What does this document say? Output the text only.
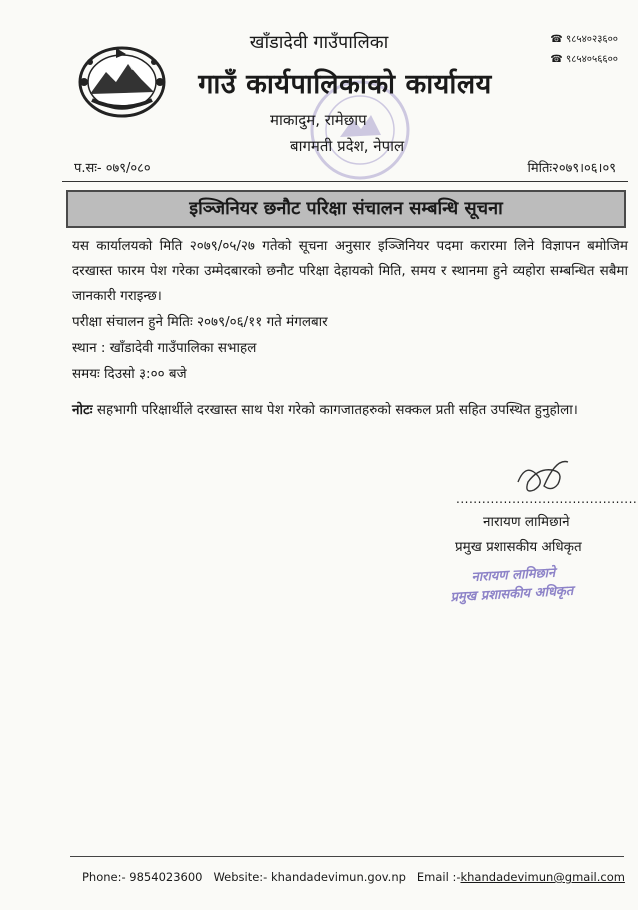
खाँडादेवी गाउँपालिका
गाउँ कार्यपालिकाको कार्यालय
माकादुम, रामेछाप
बागमती प्रदेश, नेपाल
☎ ९८५४०२३६००
☎ ९८५४०५६६००
प.सः- ०७९/०८०	मितिः२०७९।०६।०९
इञ्जिनियर छनौट परिक्षा संचालन सम्बन्धि सूचना
यस कार्यालयको मिति २०७९/०५/२७ गतेको सूचना अनुसार इञ्जिनियर पदमा करारमा लिने विज्ञापन बमोजिम दरखास्त फारम पेश गरेका उम्मेदबारको छनौट परिक्षा देहायको मिति, समय र स्थानमा हुने व्यहोरा सम्बन्धित सबैमा जानकारी गराइन्छ।
परीक्षा संचालन हुने मितिः २०७९/०६/११ गते मंगलबार
स्थान : खाँडादेवी गाउँपालिका सभाहल
समयः दिउसो ३:०० बजे
नोटः सहभागी परिक्षार्थीले दरखास्त साथ पेश गरेको कागजातहरुको सक्कल प्रती सहित उपस्थित हुनुहोला।
..........................................
नारायण लामिछाने
प्रमुख प्रशासकीय अधिकृत
नारायण लामिछाने
प्रमुख प्रशासकीय अधिकृत
Phone:- 9854023600 Website:- khandadevimun.gov.np Email :-khandadevimun@gmail.com
